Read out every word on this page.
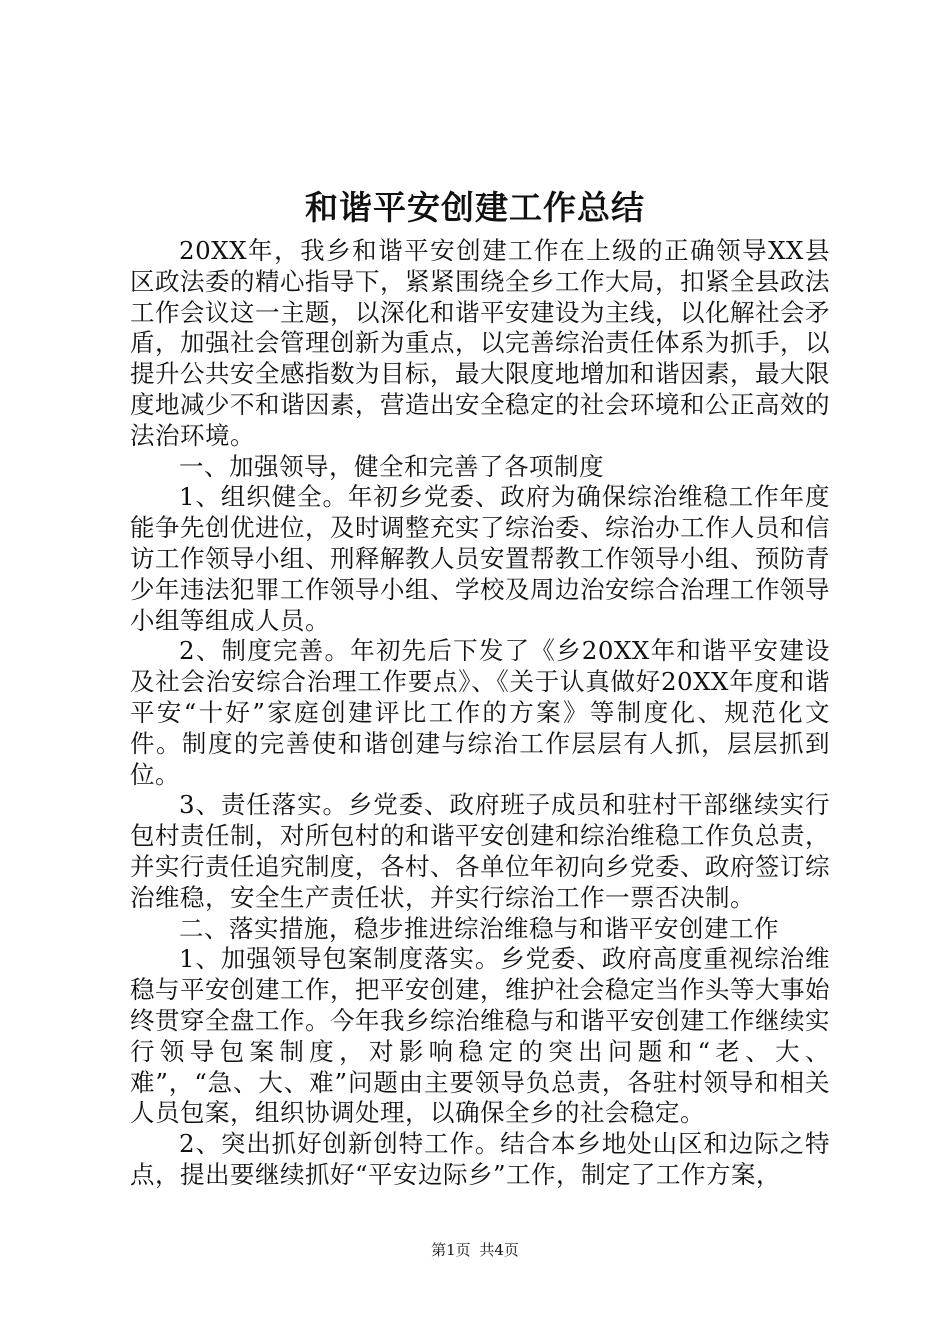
和谐平安创建工作总结

20XX年，我乡和谐平安创建工作在上级的正确领导XX县区政法委的精心指导下，紧紧围绕全乡工作大局，扣紧全县政法工作会议这一主题，以深化和谐平安建设为主线，以化解社会矛盾，加强社会管理创新为重点，以完善综治责任体系为抓手，以提升公共安全感指数为目标，最大限度地增加和谐因素，最大限度地减少不和谐因素，营造出安全稳定的社会环境和公正高效的法治环境。

一、加强领导，健全和完善了各项制度

1、组织健全。年初乡党委、政府为确保综治维稳工作年度能争先创优进位，及时调整充实了综治委、综治办工作人员和信访工作领导小组、刑释解教人员安置帮教工作领导小组、预防青少年违法犯罪工作领导小组、学校及周边治安综合治理工作领导小组等组成人员。

2、制度完善。年初先后下发了《乡20XX年和谐平安建设及社会治安综合治理工作要点》、《关于认真做好20XX年度和谐平安“十好”家庭创建评比工作的方案》等制度化、规范化文件。制度的完善使和谐创建与综治工作层层有人抓，层层抓到位。

3、责任落实。乡党委、政府班子成员和驻村干部继续实行包村责任制，对所包村的和谐平安创建和综治维稳工作负总责，并实行责任追究制度，各村、各单位年初向乡党委、政府签订综治维稳，安全生产责任状，并实行综治工作一票否决制。

二、落实措施，稳步推进综治维稳与和谐平安创建工作

1、加强领导包案制度落实。乡党委、政府高度重视综治维稳与平安创建工作，把平安创建，维护社会稳定当作头等大事始终贯穿全盘工作。今年我乡综治维稳与和谐平安创建工作继续实行领导包案制度，对影响稳定的突出问题和“老、大、难”，“急、大、难”问题由主要领导负总责，各驻村领导和相关人员包案，组织协调处理，以确保全乡的社会稳定。

2、突出抓好创新创特工作。结合本乡地处山区和边际之特点，提出要继续抓好“平安边际乡”工作，制定了工作方案，

第1页 共4页
